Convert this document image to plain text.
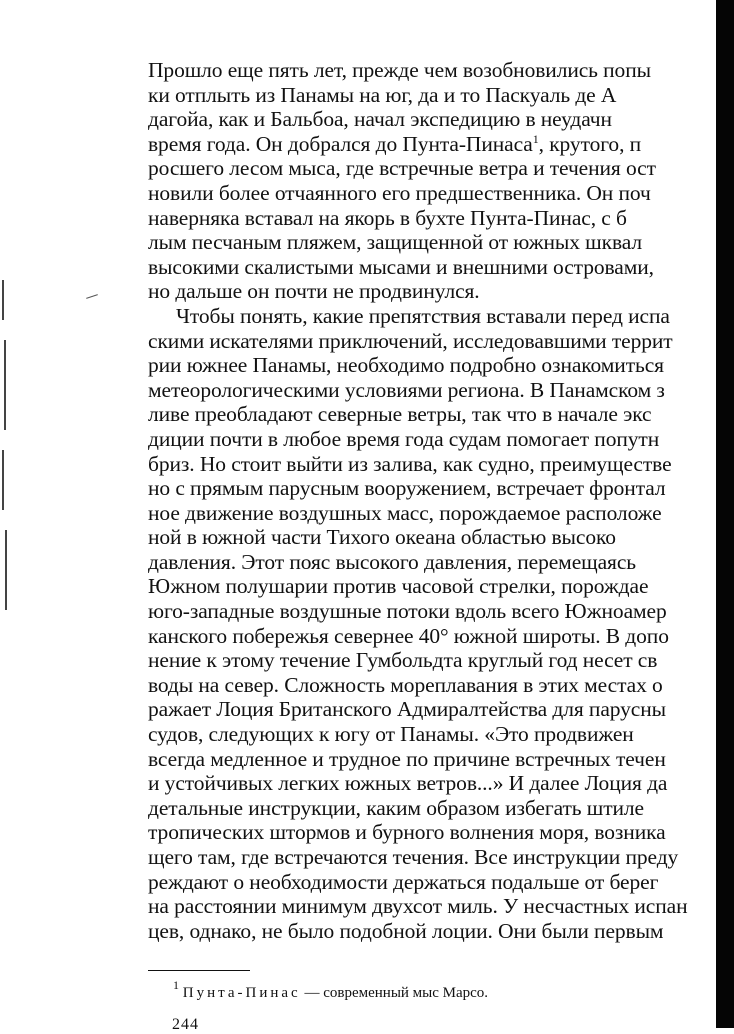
Прошло еще пять лет, прежде чем возобновились попы
ки отплыть из Панамы на юг, да и то Паскуаль де А
дагойа, как и Бальбоа, начал экспедицию в неудачн
время года. Он добрался до Пунта-Пинаса$^1$, крутого, п
росшего лесом мыса, где встречные ветра и течения ост
новили более отчаянного его предшественника. Он поч
наверняка вставал на якорь в бухте Пунта-Пинас, с б
лым песчаным пляжем, защищенной от южных шквал
высокими скалистыми мысами и внешними островами,
но дальше он почти не продвинулся.
Чтобы понять, какие препятствия вставали перед испа
скими искателями приключений, исследовавшими террит
рии южнее Панамы, необходимо подробно ознакомиться
метеорологическими условиями региона. В Панамском з
ливе преобладают северные ветры, так что в начале экс
диции почти в любое время года судам помогает попутн
бриз. Но стоит выйти из залива, как судно, преимуществе
но с прямым парусным вооружением, встречает фронтал
ное движение воздушных масс, порождаемое расположе
ной в южной части Тихого океана областью высоко
давления. Этот пояс высокого давления, перемещаясь
Южном полушарии против часовой стрелки, порождае
юго-западные воздушные потоки вдоль всего Южноамер
канского побережья севернее 40° южной широты. В допо
нение к этому течение Гумбольдта круглый год несет св
воды на север. Сложность мореплавания в этих местах о
ражает Лоция Британского Адмиралтейства для парусны
судов, следующих к югу от Панамы. «Это продвижен
всегда медленное и трудное по причине встречных течен
и устойчивых легких южных ветров...» И далее Лоция да
детальные инструкции, каким образом избегать штиле
тропических штормов и бурного волнения моря, возника
щего там, где встречаются течения. Все инструкции преду
реждают о необходимости держаться подальше от берег
на расстоянии минимум двухсот миль. У несчастных испан
цев, однако, не было подобной лоции. Они были первым
$^1$ Пунта-Пинас — современный мыс Марсо.
244
